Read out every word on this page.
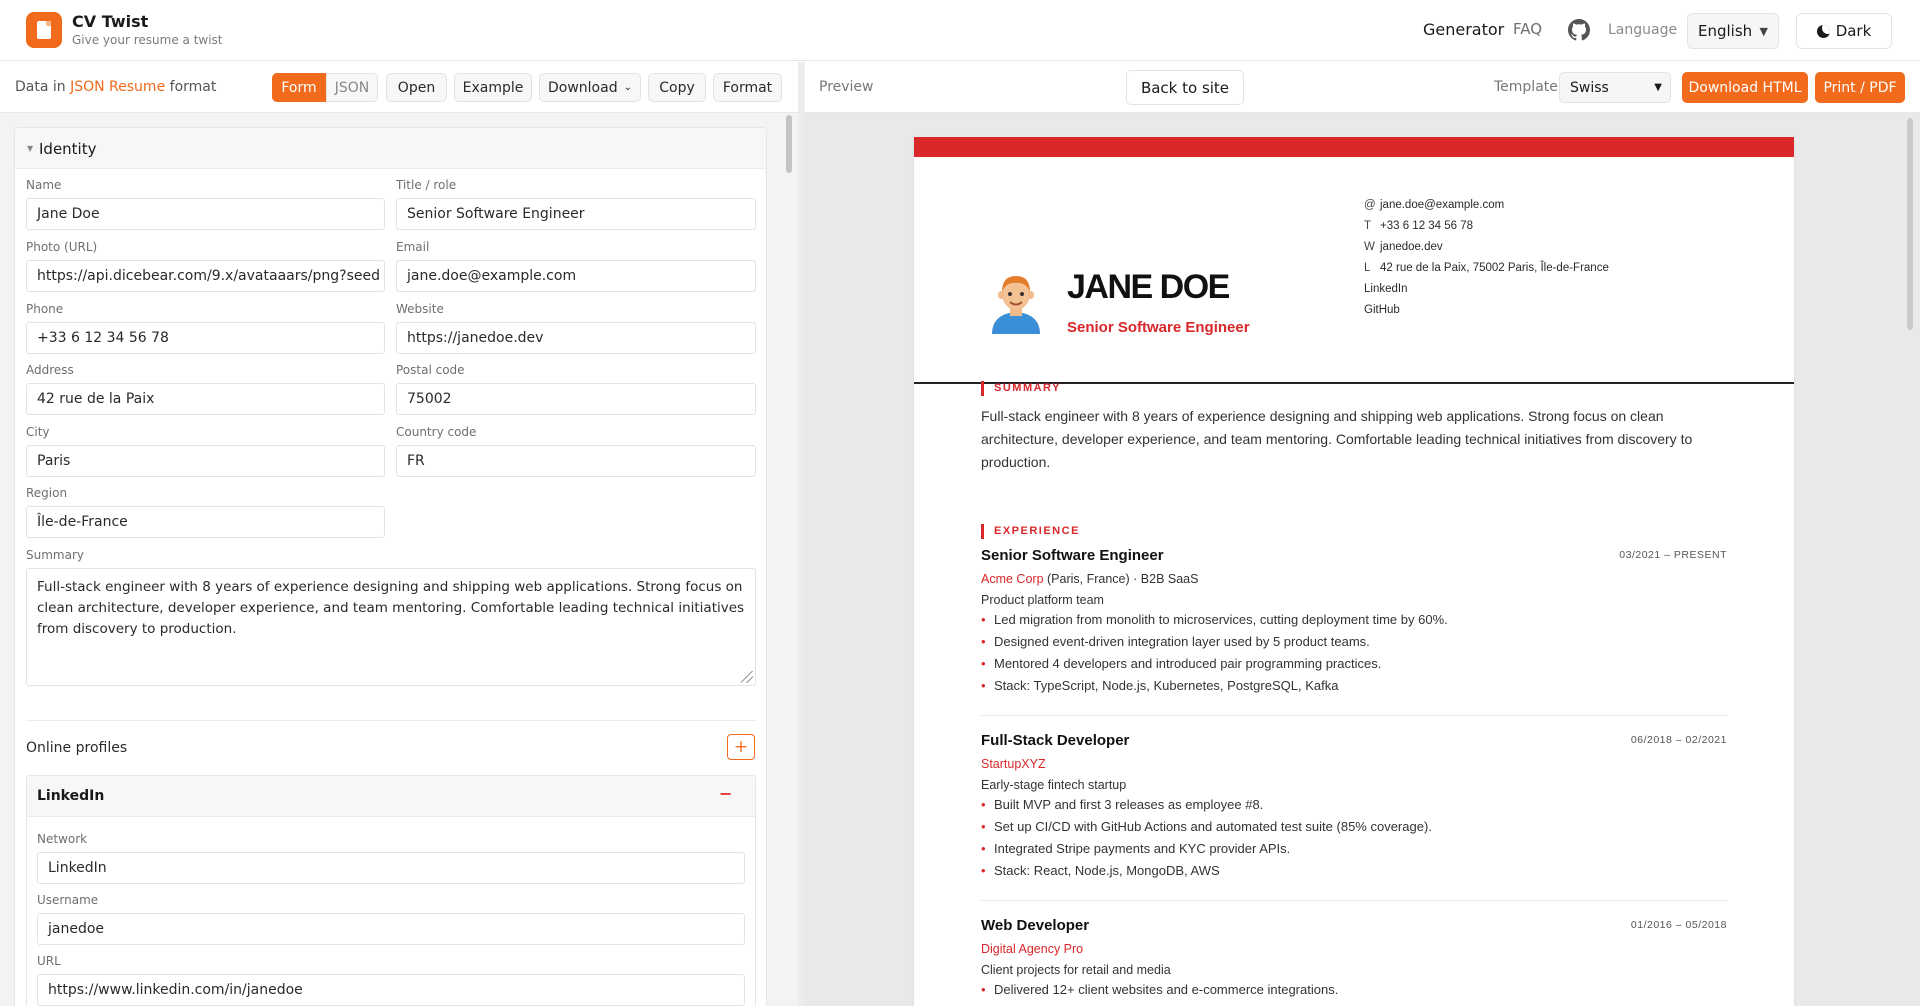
CV Twist
Give your resume a twist
Generator FAQ	Language English ▼	Dark
Data in JSON Resume format	Form	JSON	Open	Example	Download ⌄	Copy	Format	Preview	Back to site	Template Swiss	▼	Download HTML	Print / PDF
▼ Identity
Name
Jane Doe
Title / role
Senior Software Engineer
Photo (URL)
https://api.dicebear.com/9.x/avataaars/png?seed
Email
jane.doe@example.com
Phone
+33 6 12 34 56 78
Website
https://janedoe.dev
Address
42 rue de la Paix
Postal code
75002
City
Paris
Country code
FR
Region
Île-de-France
Summary
Full-stack engineer with 8 years of experience designing and shipping web applications. Strong focus on clean architecture, developer experience, and team mentoring. Comfortable leading technical initiatives from discovery to production.
Online profiles	+
LinkedIn	−
Network
LinkedIn
Username
janedoe
URL
https://www.linkedin.com/in/janedoe
JANE DOE
Senior Software Engineer
@ jane.doe@example.com
T +33 6 12 34 56 78
W janedoe.dev
L 42 rue de la Paix, 75002 Paris, Île-de-France
LinkedIn
GitHub
SUMMARY
Full-stack engineer with 8 years of experience designing and shipping web applications. Strong focus on clean architecture, developer experience, and team mentoring. Comfortable leading technical initiatives from discovery to production.
EXPERIENCE
Senior Software Engineer	03/2021 – PRESENT
Acme Corp (Paris, France) · B2B SaaS
Product platform team
• Led migration from monolith to microservices, cutting deployment time by 60%.
• Designed event-driven integration layer used by 5 product teams.
• Mentored 4 developers and introduced pair programming practices.
• Stack: TypeScript, Node.js, Kubernetes, PostgreSQL, Kafka
Full-Stack Developer	06/2018 – 02/2021
StartupXYZ
Early-stage fintech startup
• Built MVP and first 3 releases as employee #8.
• Set up CI/CD with GitHub Actions and automated test suite (85% coverage).
• Integrated Stripe payments and KYC provider APIs.
• Stack: React, Node.js, MongoDB, AWS
Web Developer	01/2016 – 05/2018
Digital Agency Pro
Client projects for retail and media
• Delivered 12+ client websites and e-commerce integrations.
